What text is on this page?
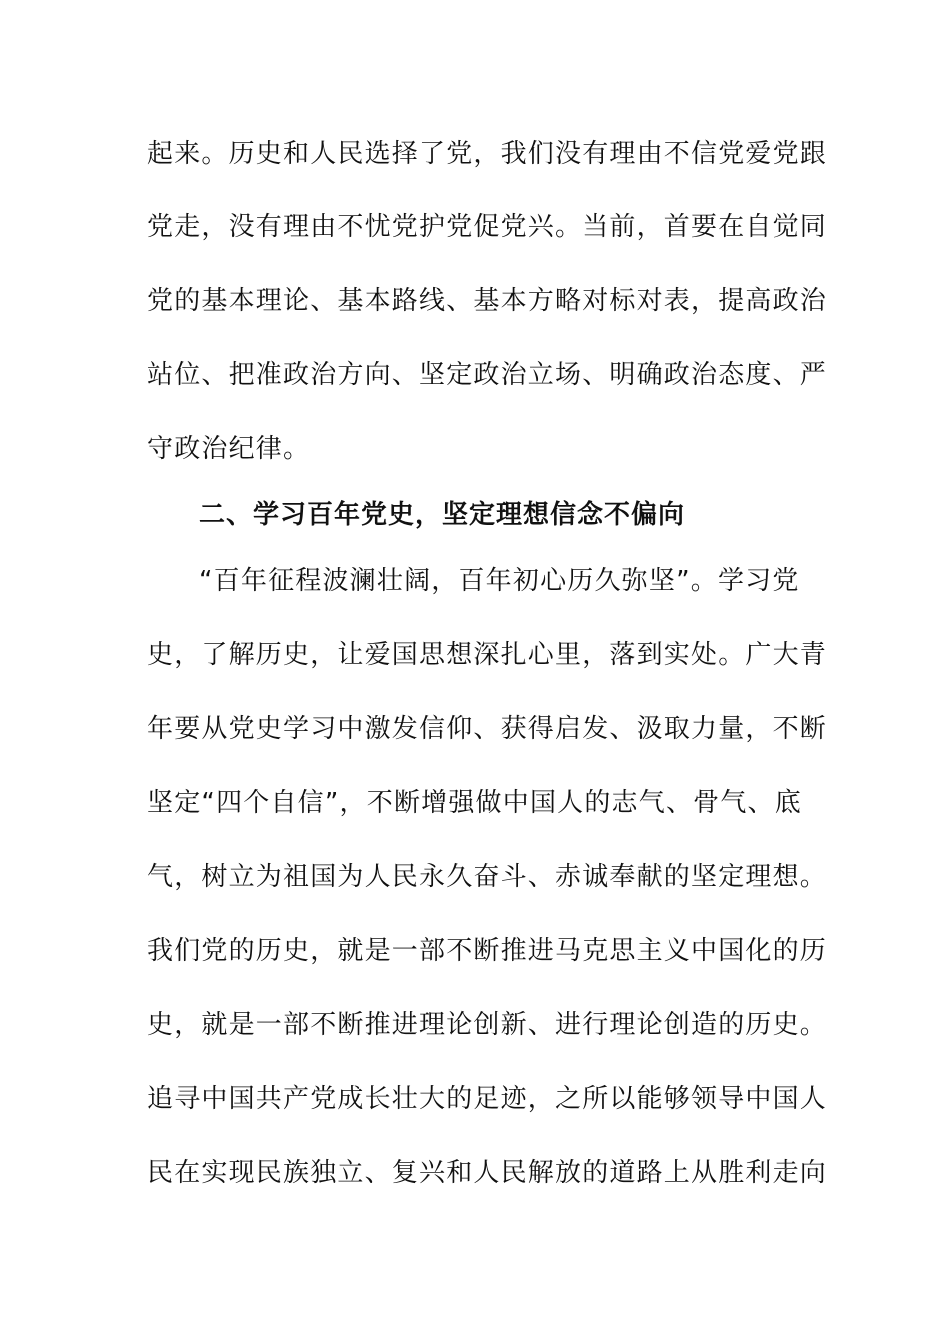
起来。历史和人民选择了党，我们没有理由不信党爱党跟
党走，没有理由不忧党护党促党兴。当前，首要在自觉同
党的基本理论、基本路线、基本方略对标对表，提高政治
站位、把准政治方向、坚定政治立场、明确政治态度、严
守政治纪律。
二、学习百年党史，坚定理想信念不偏向
“百年征程波澜壮阔，百年初心历久弥坚”。学习党
史，了解历史，让爱国思想深扎心里，落到实处。广大青
年要从党史学习中激发信仰、获得启发、汲取力量，不断
坚定“四个自信”，不断增强做中国人的志气、骨气、底
气，树立为祖国为人民永久奋斗、赤诚奉献的坚定理想。
我们党的历史，就是一部不断推进马克思主义中国化的历
史，就是一部不断推进理论创新、进行理论创造的历史。
追寻中国共产党成长壮大的足迹，之所以能够领导中国人
民在实现民族独立、复兴和人民解放的道路上从胜利走向
